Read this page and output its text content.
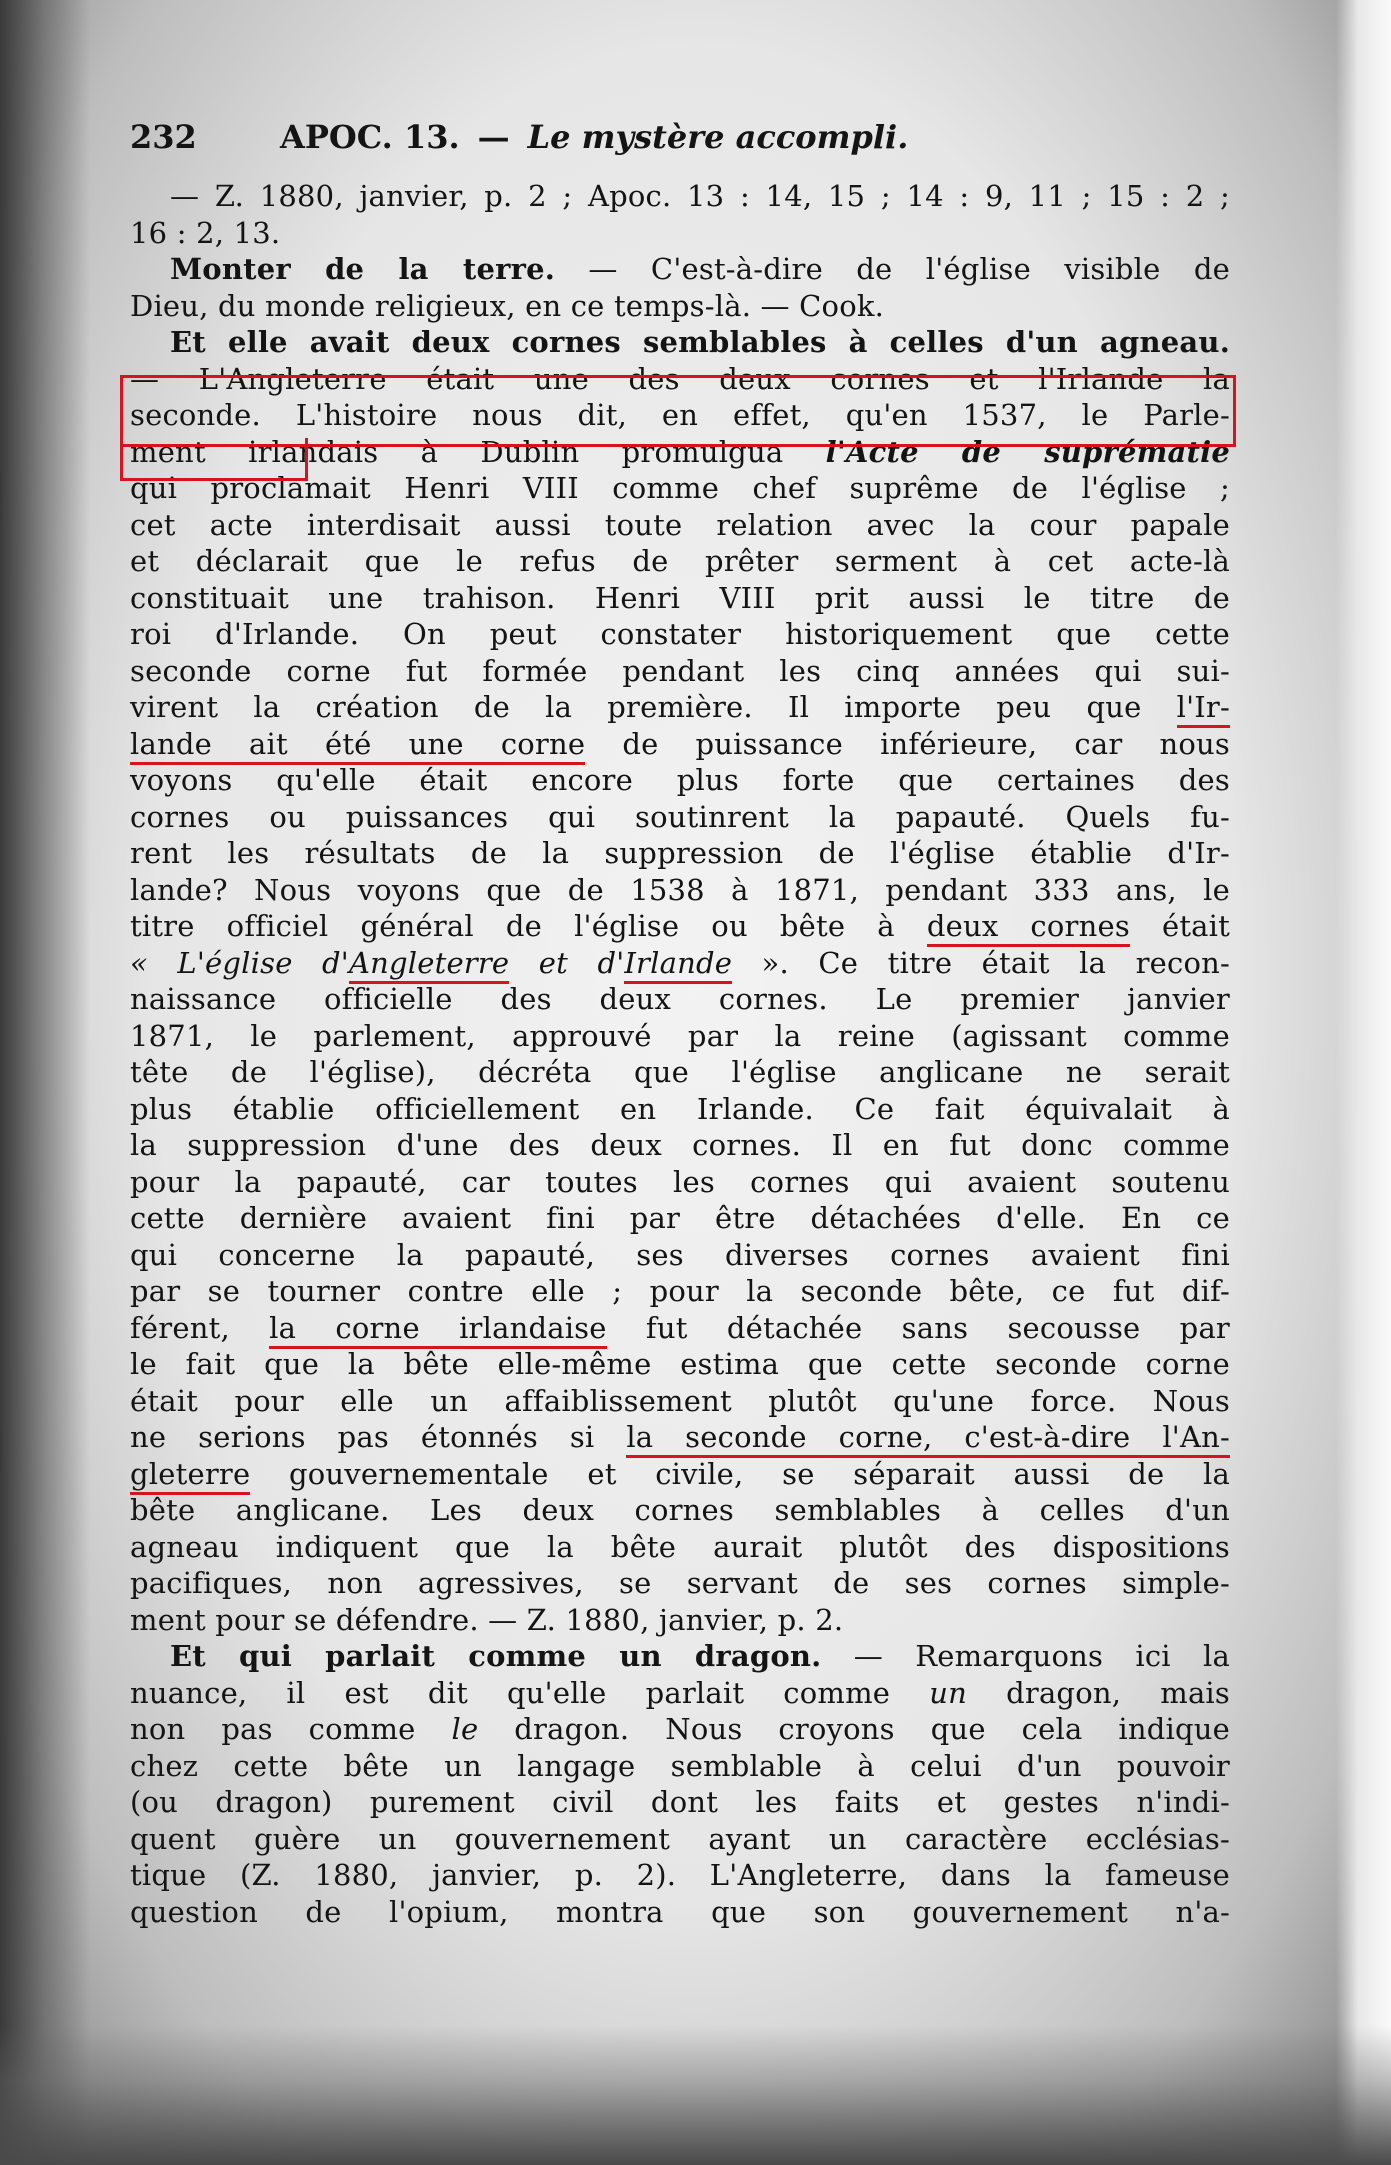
232	APOC. 13. — Le mystère accompli.
— Z. 1880, janvier, p. 2 ; Apoc. 13 : 14, 15 ; 14 : 9, 11 ; 15 : 2 ;
16 : 2, 13.
Monter de la terre. — C'est-à-dire de l'église visible de
Dieu, du monde religieux, en ce temps-là. — Cook.
Et elle avait deux cornes semblables à celles d'un agneau.
— L'Angleterre était une des deux cornes et l'Irlande la
seconde. L'histoire nous dit, en effet, qu'en 1537, le Parle-
ment irlandais à Dublin promulgua l'Acte de suprématie
qui proclamait Henri VIII comme chef suprême de l'église ;
cet acte interdisait aussi toute relation avec la cour papale
et déclarait que le refus de prêter serment à cet acte-là
constituait une trahison. Henri VIII prit aussi le titre de
roi d'Irlande. On peut constater historiquement que cette
seconde corne fut formée pendant les cinq années qui sui-
virent la création de la première. Il importe peu que l'Ir-
lande ait été une corne de puissance inférieure, car nous
voyons qu'elle était encore plus forte que certaines des
cornes ou puissances qui soutinrent la papauté. Quels fu-
rent les résultats de la suppression de l'église établie d'Ir-
lande? Nous voyons que de 1538 à 1871, pendant 333 ans, le
titre officiel général de l'église ou bête à deux cornes était
« L'église d'Angleterre et d'Irlande ». Ce titre était la recon-
naissance officielle des deux cornes. Le premier janvier
1871, le parlement, approuvé par la reine (agissant comme
tête de l'église), décréta que l'église anglicane ne serait
plus établie officiellement en Irlande. Ce fait équivalait à
la suppression d'une des deux cornes. Il en fut donc comme
pour la papauté, car toutes les cornes qui avaient soutenu
cette dernière avaient fini par être détachées d'elle. En ce
qui concerne la papauté, ses diverses cornes avaient fini
par se tourner contre elle ; pour la seconde bête, ce fut dif-
férent, la corne irlandaise fut détachée sans secousse par
le fait que la bête elle-même estima que cette seconde corne
était pour elle un affaiblissement plutôt qu'une force. Nous
ne serions pas étonnés si la seconde corne, c'est-à-dire l'An-
gleterre gouvernementale et civile, se séparait aussi de la
bête anglicane. Les deux cornes semblables à celles d'un
agneau indiquent que la bête aurait plutôt des dispositions
pacifiques, non agressives, se servant de ses cornes simple-
ment pour se défendre. — Z. 1880, janvier, p. 2.
Et qui parlait comme un dragon. — Remarquons ici la
nuance, il est dit qu'elle parlait comme un dragon, mais
non pas comme le dragon. Nous croyons que cela indique
chez cette bête un langage semblable à celui d'un pouvoir
(ou dragon) purement civil dont les faits et gestes n'indi-
quent guère un gouvernement ayant un caractère ecclésias-
tique (Z. 1880, janvier, p. 2). L'Angleterre, dans la fameuse
question de l'opium, montra que son gouvernement n'a-
